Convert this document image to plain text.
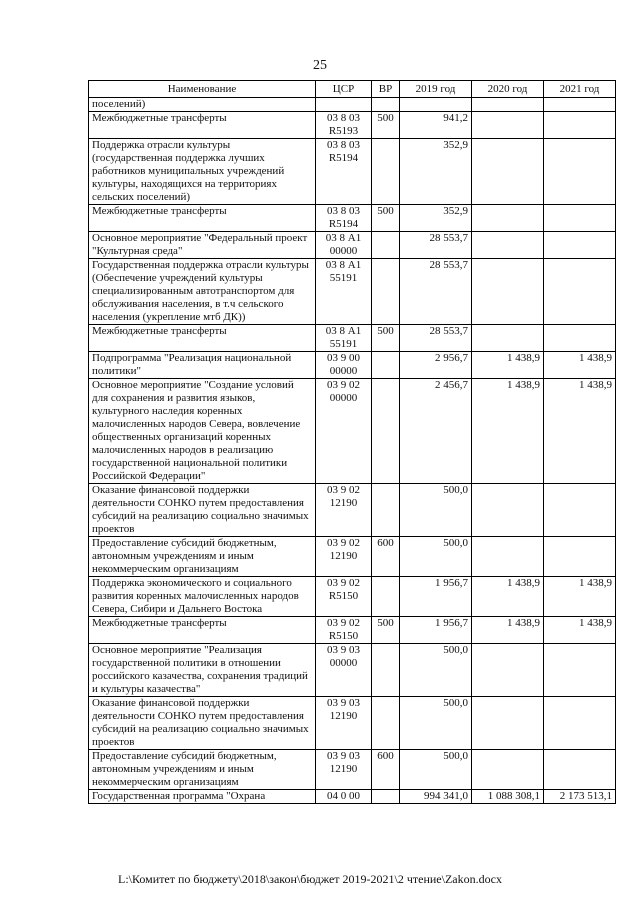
25
Наименование	ЦСР	ВР	2019 год	2020 год	2021 год
поселений)					
Межбюджетные трансферты	03 8 03 R5193	500	941,2		
Поддержка отрасли культуры (государственная поддержка лучших работников муниципальных учреждений культуры, находящихся на территориях сельских поселений)	03 8 03 R5194		352,9		
Межбюджетные трансферты	03 8 03 R5194	500	352,9		
Основное мероприятие "Федеральный проект "Культурная среда"	03 8 А1 00000		28 553,7		
Государственная поддержка отрасли культуры (Обеспечение учреждений культуры специализированным автотранспортом для обслуживания населения, в т.ч сельского населения (укрепление мтб ДК))	03 8 А1 55191		28 553,7		
Межбюджетные трансферты	03 8 А1 55191	500	28 553,7		
Подпрограмма "Реализация национальной политики"	03 9 00 00000		2 956,7	1 438,9	1 438,9
Основное мероприятие "Создание условий для сохранения и развития языков, культурного наследия коренных малочисленных народов Севера, вовлечение общественных организаций коренных малочисленных народов в реализацию государственной национальной политики Российской Федерации"	03 9 02 00000		2 456,7	1 438,9	1 438,9
Оказание финансовой поддержки деятельности СОНКО путем предоставления субсидий на реализацию социально значимых проектов	03 9 02 12190		500,0		
Предоставление субсидий бюджетным, автономным учреждениям и иным некоммерческим организациям	03 9 02 12190	600	500,0		
Поддержка экономического и социального развития коренных малочисленных народов Севера, Сибири и Дальнего Востока	03 9 02 R5150		1 956,7	1 438,9	1 438,9
Межбюджетные трансферты	03 9 02 R5150	500	1 956,7	1 438,9	1 438,9
Основное мероприятие "Реализация государственной политики в отношении российского казачества, сохранения традиций и культуры казачества"	03 9 03 00000		500,0		
Оказание финансовой поддержки деятельности СОНКО путем предоставления субсидий на реализацию социально значимых проектов	03 9 03 12190		500,0		
Предоставление субсидий бюджетным, автономным учреждениям и иным некоммерческим организациям	03 9 03 12190	600	500,0		
Государственная программа "Охрана	04 0 00		994 341,0	1 088 308,1	2 173 513,1
L:\Комитет по бюджету\2018\закон\бюджет 2019-2021\2 чтение\Zakon.docx
